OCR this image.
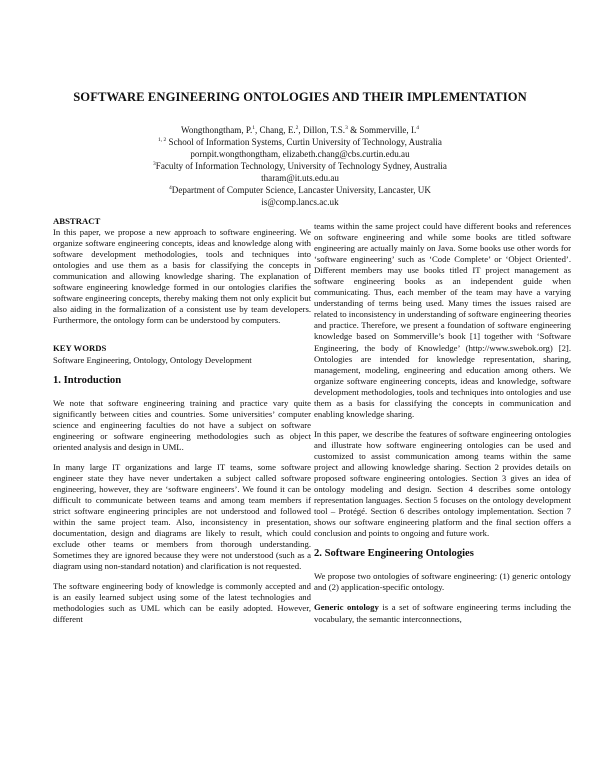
SOFTWARE ENGINEERING ONTOLOGIES AND THEIR IMPLEMENTATION
Wongthongtham, P.$^1$, Chang, E.$^2$, Dillon, T.S.$^3$ & Sommerville, I.$^4$
$^{1, 2}$ School of Information Systems, Curtin University of Technology, Australia
pornpit.wongthongtham, elizabeth.chang@cbs.curtin.edu.au
$^3$Faculty of Information Technology, University of Technology Sydney, Australia
tharam@it.uts.edu.au
$^4$Department of Computer Science, Lancaster University, Lancaster, UK
is@comp.lancs.ac.uk
ABSTRACT

In this paper, we propose a new approach to software engineering. We organize software engineering concepts, ideas and knowledge along with software development methodologies, tools and techniques into ontologies and use them as a basis for classifying the concepts in communication and allowing knowledge sharing. The explanation of software engineering knowledge formed in our ontologies clarifies the software engineering concepts, thereby making them not only explicit but also aiding in the formalization of a consistent use by team developers. Furthermore, the ontology form can be understood by computers.

KEY WORDS

Software Engineering, Ontology, Ontology Development

1. Introduction

We note that software engineering training and practice vary quite significantly between cities and countries. Some universities’ computer science and engineering faculties do not have a subject on software engineering or software engineering methodologies such as object oriented analysis and design in UML.

In many large IT organizations and large IT teams, some software engineer state they have never undertaken a subject called software engineering, however, they are ‘software engineers’. We found it can be difficult to communicate between teams and among team members if strict software engineering principles are not understood and followed within the same project team. Also, inconsistency in presentation, documentation, design and diagrams are likely to result, which could exclude other teams or members from thorough understanding. Sometimes they are ignored because they were not understood (such as a diagram using non-standard notation) and clarification is not requested.

The software engineering body of knowledge is commonly accepted and is an easily learned subject using some of the latest technologies and methodologies such as UML which can be easily adopted. However, different

teams within the same project could have different books and references on software engineering and while some books are titled software engineering are actually mainly on Java. Some books use other words for ‘software engineering’ such as ‘Code Complete’ or ‘Object Oriented’. Different members may use books titled IT project management as software engineering books as an independent guide when communicating. Thus, each member of the team may have a varying understanding of terms being used. Many times the issues raised are related to inconsistency in understanding of software engineering theories and practice. Therefore, we present a foundation of software engineering knowledge based on Sommerville’s book [1] together with ‘Software Engineering, the body of Knowledge’ (http://www.swebok.org) [2]. Ontologies are intended for knowledge representation, sharing, management, modeling, engineering and education among others. We organize software engineering concepts, ideas and knowledge, software development methodologies, tools and techniques into ontologies and use them as a basis for classifying the concepts in communication and enabling knowledge sharing.

In this paper, we describe the features of software engineering ontologies and illustrate how software engineering ontologies can be used and customized to assist communication among teams within the same project and allowing knowledge sharing. Section 2 provides details on proposed software engineering ontologies. Section 3 gives an idea of ontology modeling and design. Section 4 describes some ontology representation languages. Section 5 focuses on the ontology development tool – Protégé. Section 6 describes ontology implementation. Section 7 shows our software engineering platform and the final section offers a conclusion and points to ongoing and future work.

2. Software Engineering Ontologies

We propose two ontologies of software engineering: (1) generic ontology and (2) application-specific ontology.

Generic ontology is a set of software engineering terms including the vocabulary, the semantic interconnections,
